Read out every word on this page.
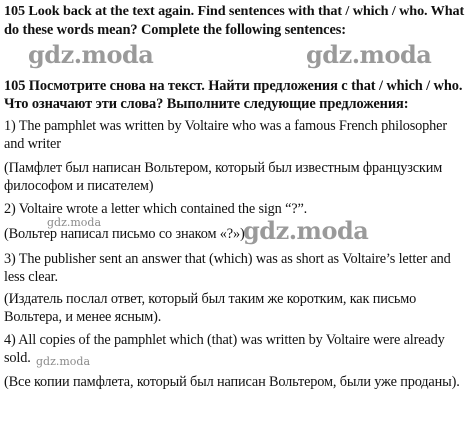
105 Look back at the text again. Find sentences with that / which / who. What
do these words mean? Complete the following sentences:
gdz.moda	gdz.moda
105 Посмотрите снова на текст. Найти предложения с that / which / who.
Что означают эти слова? Выполните следующие предложения:
1) The pamphlet was written by Voltaire who was a famous French philosopher
and writer
(Памфлет был написан Вольтером, который был известным французским
философом и писателем)
2) Voltaire wrote a letter which contained the sign “?”.
gdz.moda
(Вольтер написал письмо со знаком «?»)
gdz.moda
3) The publisher sent an answer that (which) was as short as Voltaire’s letter and
less clear.
(Издатель послал ответ, который был таким же коротким, как письмо
Вольтера, и менее ясным).
4) All copies of the pamphlet which (that) was written by Voltaire were already
sold. gdz.moda
(Все копии памфлета, который был написан Вольтером, были уже проданы).
